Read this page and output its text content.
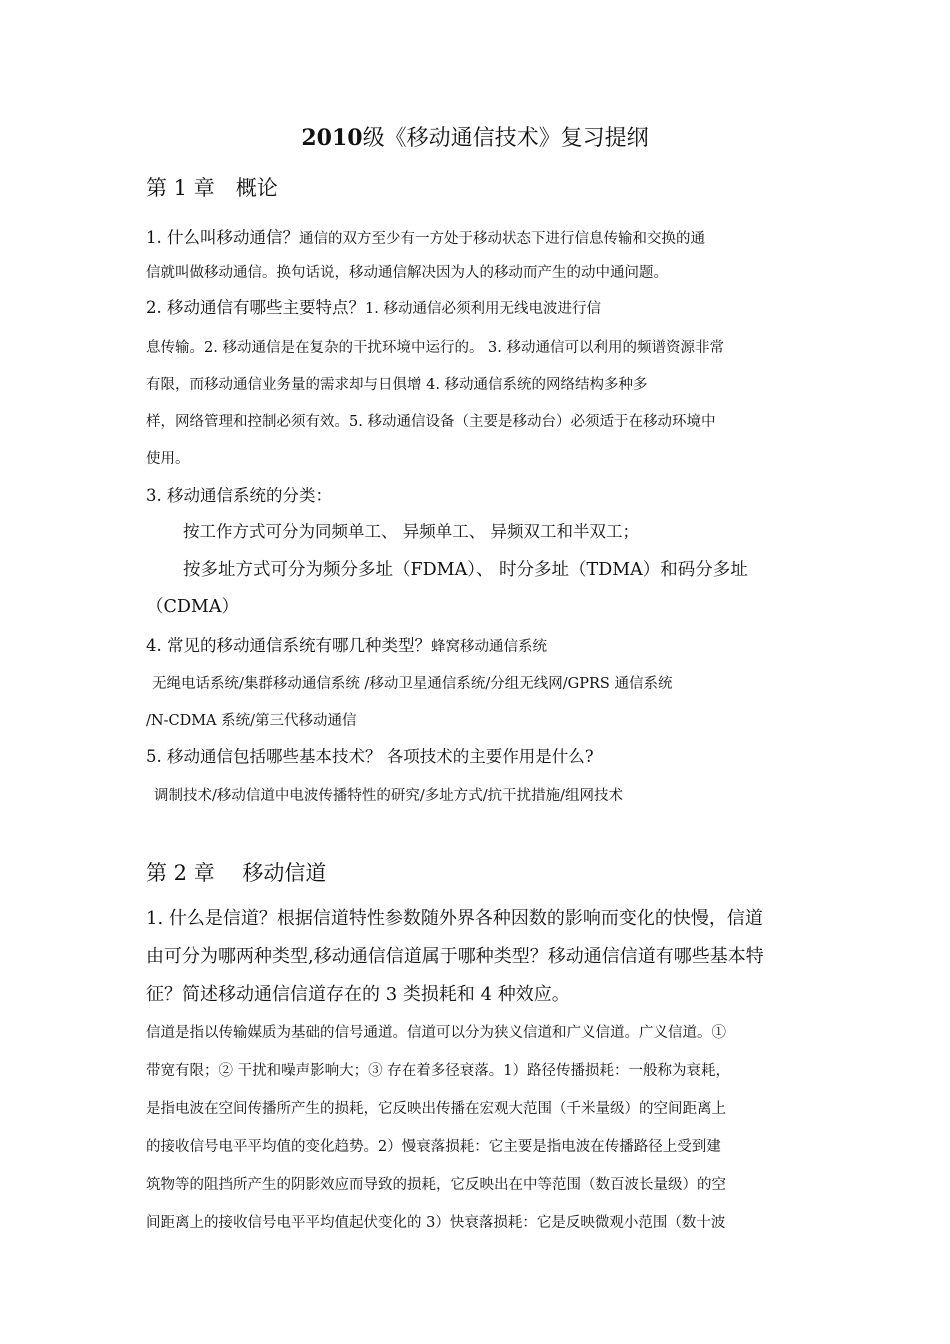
2010级《移动通信技术》复习提纲
第 1 章　概论
1. 什么叫移动通信？通信的双方至少有一方处于移动状态下进行信息传输和交换的通
信就叫做移动通信。换句话说，移动通信解决因为人的移动而产生的动中通问题。
2. 移动通信有哪些主要特点？1. 移动通信必须利用无线电波进行信
息传输。2. 移动通信是在复杂的干扰环境中运行的。 3. 移动通信可以利用的频谱资源非常
有限，而移动通信业务量的需求却与日俱增 4. 移动通信系统的网络结构多种多
样，网络管理和控制必须有效。5. 移动通信设备（主要是移动台）必须适于在移动环境中
使用。
3. 移动通信系统的分类：
按工作方式可分为同频单工、 异频单工、 异频双工和半双工；
按多址方式可分为频分多址（FDMA）、 时分多址（TDMA）和码分多址
（CDMA）
4. 常见的移动通信系统有哪几种类型？蜂窝移动通信系统
无绳电话系统/集群移动通信系统 /移动卫星通信系统/分组无线网/GPRS 通信系统
/N-CDMA 系统/第三代移动通信
5. 移动通信包括哪些基本技术？ 各项技术的主要作用是什么?
调制技术/移动信道中电波传播特性的研究/多址方式/抗干扰措施/组网技术
第 2 章　 移动信道
1. 什么是信道？根据信道特性参数随外界各种因数的影响而变化的快慢，信道
由可分为哪两种类型,移动通信信道属于哪种类型？移动通信信道有哪些基本特
征？简述移动通信信道存在的 3 类损耗和 4 种效应。
信道是指以传输媒质为基础的信号通道。信道可以分为狭义信道和广义信道。广义信道。①
带宽有限；② 干扰和噪声影响大；③ 存在着多径衰落。1）路径传播损耗：一般称为衰耗，
是指电波在空间传播所产生的损耗，它反映出传播在宏观大范围（千米量级）的空间距离上
的接收信号电平平均值的变化趋势。2）慢衰落损耗：它主要是指电波在传播路径上受到建
筑物等的阻挡所产生的阴影效应而导致的损耗，它反映出在中等范围（数百波长量级）的空
间距离上的接收信号电平平均值起伏变化的 3）快衰落损耗：它是反映微观小范围（数十波
